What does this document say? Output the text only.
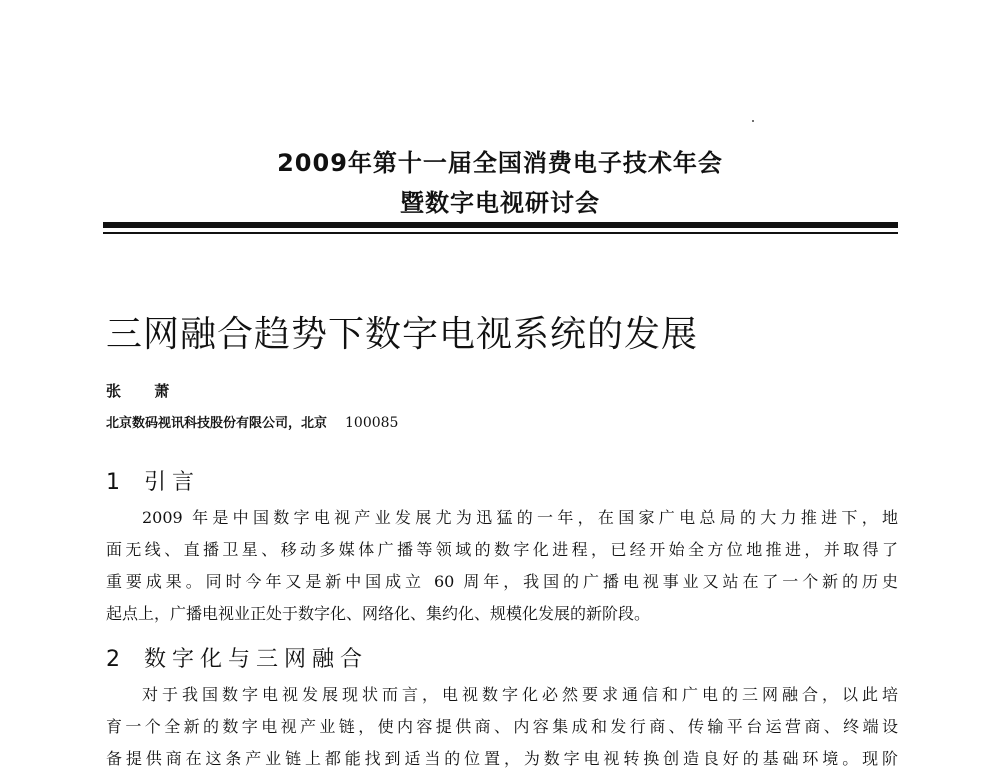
2009年第十一届全国消费电子技术年会
暨数字电视研讨会
三网融合趋势下数字电视系统的发展
张 萧
北京数码视讯科技股份有限公司，北京 100085
1 引言
2009 年是中国数字电视产业发展尤为迅猛的一年，在国家广电总局的大力推进下，地
面无线、直播卫星、移动多媒体广播等领域的数字化进程，已经开始全方位地推进，并取得了
重要成果。同时今年又是新中国成立 60 周年，我国的广播电视事业又站在了一个新的历史
起点上，广播电视业正处于数字化、网络化、集约化、规模化发展的新阶段。
2 数字化与三网融合
对于我国数字电视发展现状而言，电视数字化必然要求通信和广电的三网融合，以此培
育一个全新的数字电视产业链，使内容提供商、内容集成和发行商、传输平台运营商、终端设
备提供商在这条产业链上都能找到适当的位置，为数字电视转换创造良好的基础环境。现阶
